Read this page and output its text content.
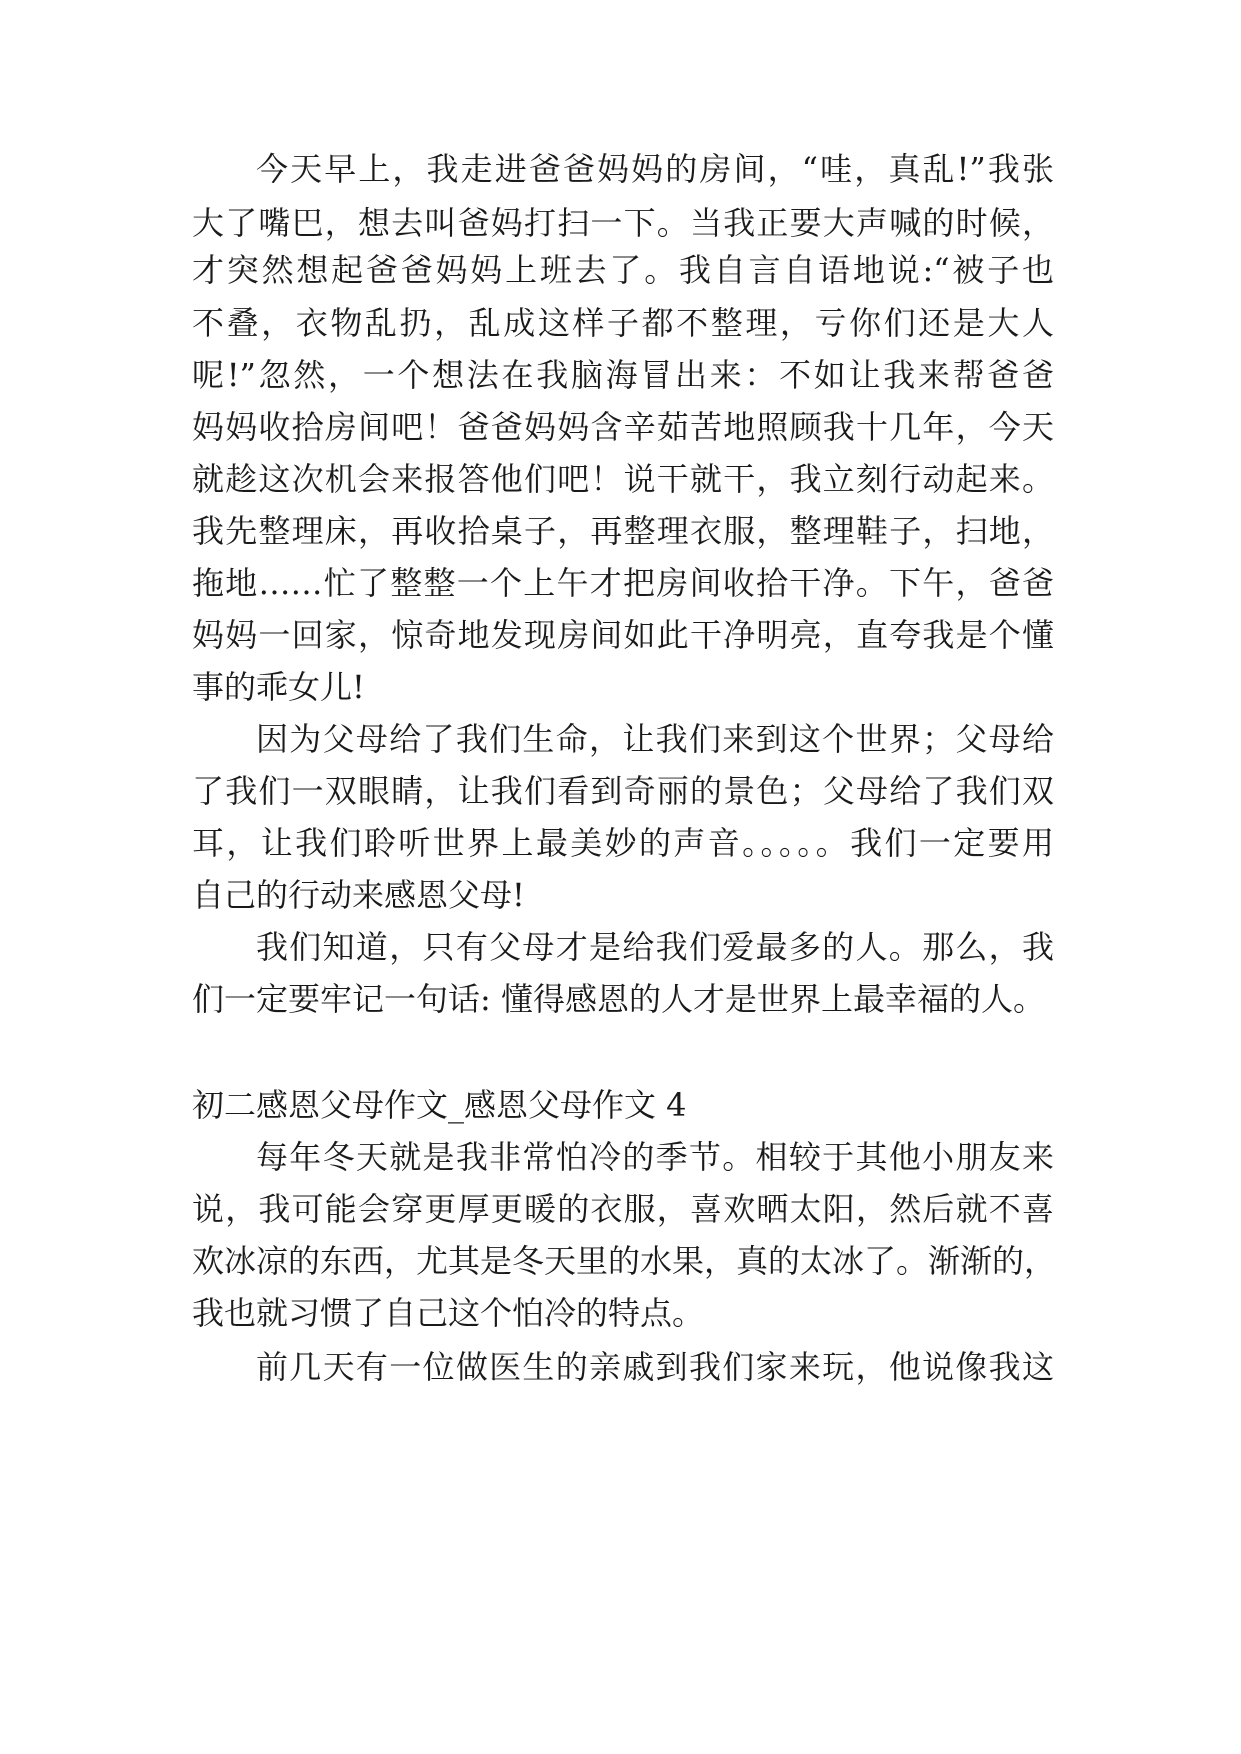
今天早上，我走进爸爸妈妈的房间，“哇，真乱!”我张
大了嘴巴，想去叫爸妈打扫一下。当我正要大声喊的时候，
才突然想起爸爸妈妈上班去了。我自言自语地说:“被子也
不叠，衣物乱扔，乱成这样子都不整理，亏你们还是大人
呢!”忽然，一个想法在我脑海冒出来：不如让我来帮爸爸
妈妈收拾房间吧！爸爸妈妈含辛茹苦地照顾我十几年，今天
就趁这次机会来报答他们吧！说干就干，我立刻行动起来。
我先整理床，再收拾桌子，再整理衣服，整理鞋子，扫地，
拖地……忙了整整一个上午才把房间收拾干净。下午，爸爸
妈妈一回家，惊奇地发现房间如此干净明亮，直夸我是个懂
事的乖女儿!
因为父母给了我们生命，让我们来到这个世界；父母给
了我们一双眼睛，让我们看到奇丽的景色；父母给了我们双
耳，让我们聆听世界上最美妙的声音。。。。。我们一定要用
自己的行动来感恩父母!
我们知道，只有父母才是给我们爱最多的人。那么，我
们一定要牢记一句话: 懂得感恩的人才是世界上最幸福的人。
初二感恩父母作文_感恩父母作文 4
每年冬天就是我非常怕冷的季节。相较于其他小朋友来
说，我可能会穿更厚更暖的衣服，喜欢晒太阳，然后就不喜
欢冰凉的东西，尤其是冬天里的水果，真的太冰了。渐渐的，
我也就习惯了自己这个怕冷的特点。
前几天有一位做医生的亲戚到我们家来玩，他说像我这
